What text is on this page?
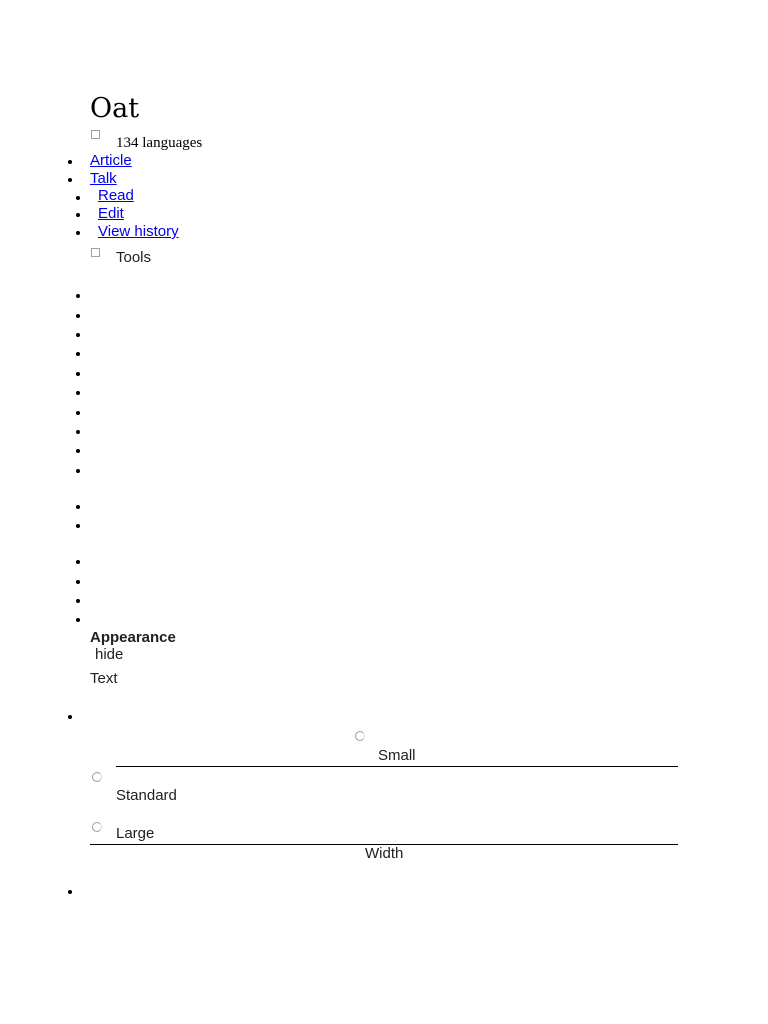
Oat
134 languages
Article
Talk
Read
Edit
View history
Tools
Appearance
hide
Text
Small
Standard
Large
Width
